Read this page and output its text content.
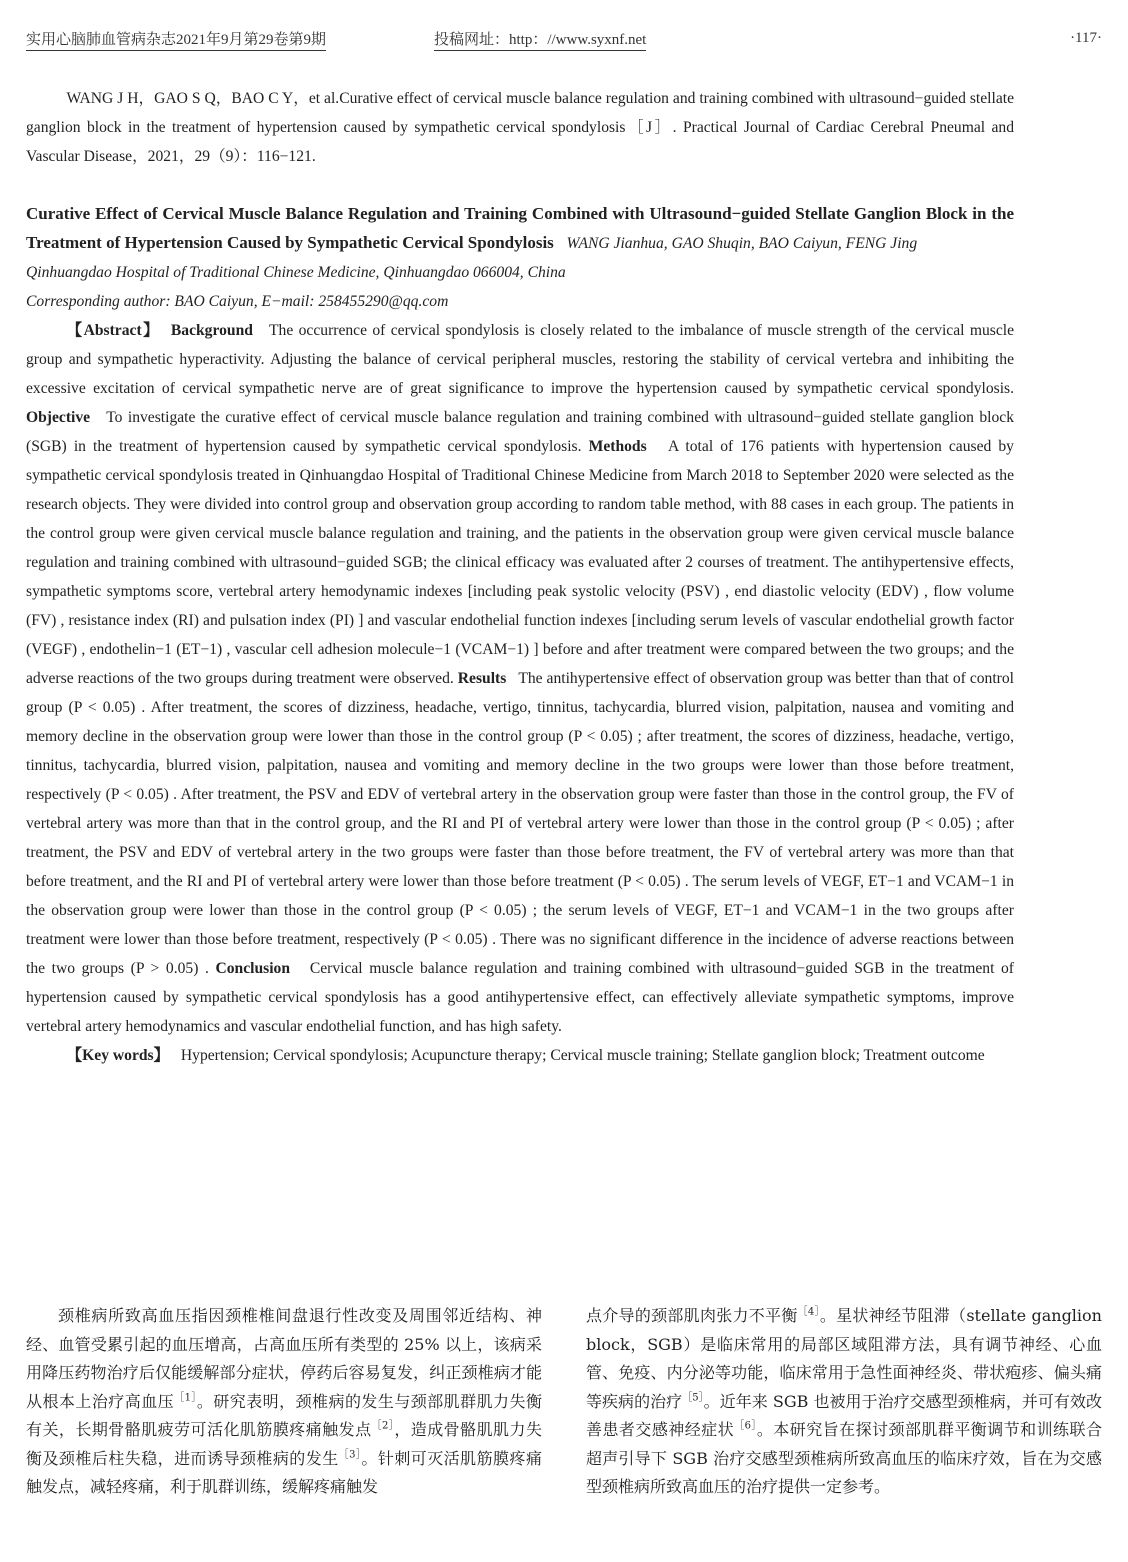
实用心脑肺血管病杂志2021年9月第29卷第9期	投稿网址：http：//www.syxnf.net	·117·

WANG J H，GAO S Q，BAO C Y，et al.Curative effect of cervical muscle balance regulation and training combined with ultrasound−guided stellate ganglion block in the treatment of hypertension caused by sympathetic cervical spondylosis［J］. Practical Journal of Cardiac Cerebral Pneumal and Vascular Disease，2021，29（9）：116−121.

Curative Effect of Cervical Muscle Balance Regulation and Training Combined with Ultrasound−guided Stellate Ganglion Block in the Treatment of Hypertension Caused by Sympathetic Cervical Spondylosis WANG Jianhua, GAO Shuqin, BAO Caiyun, FENG Jing

Qinhuangdao Hospital of Traditional Chinese Medicine, Qinhuangdao 066004, China

Corresponding author: BAO Caiyun, E−mail: 258455290@qq.com

【Abstract】 Background The occurrence of cervical spondylosis is closely related to the imbalance of muscle strength of the cervical muscle group and sympathetic hyperactivity. Adjusting the balance of cervical peripheral muscles, restoring the stability of cervical vertebra and inhibiting the excessive excitation of cervical sympathetic nerve are of great significance to improve the hypertension caused by sympathetic cervical spondylosis. Objective To investigate the curative effect of cervical muscle balance regulation and training combined with ultrasound−guided stellate ganglion block (SGB) in the treatment of hypertension caused by sympathetic cervical spondylosis. Methods A total of 176 patients with hypertension caused by sympathetic cervical spondylosis treated in Qinhuangdao Hospital of Traditional Chinese Medicine from March 2018 to September 2020 were selected as the research objects. They were divided into control group and observation group according to random table method, with 88 cases in each group. The patients in the control group were given cervical muscle balance regulation and training, and the patients in the observation group were given cervical muscle balance regulation and training combined with ultrasound−guided SGB; the clinical efficacy was evaluated after 2 courses of treatment. The antihypertensive effects, sympathetic symptoms score, vertebral artery hemodynamic indexes [including peak systolic velocity (PSV) , end diastolic velocity (EDV) , flow volume (FV) , resistance index (RI) and pulsation index (PI) ] and vascular endothelial function indexes [including serum levels of vascular endothelial growth factor (VEGF) , endothelin−1 (ET−1) , vascular cell adhesion molecule−1 (VCAM−1) ] before and after treatment were compared between the two groups; and the adverse reactions of the two groups during treatment were observed. Results The antihypertensive effect of observation group was better than that of control group (P < 0.05) . After treatment, the scores of dizziness, headache, vertigo, tinnitus, tachycardia, blurred vision, palpitation, nausea and vomiting and memory decline in the observation group were lower than those in the control group (P < 0.05) ; after treatment, the scores of dizziness, headache, vertigo, tinnitus, tachycardia, blurred vision, palpitation, nausea and vomiting and memory decline in the two groups were lower than those before treatment, respectively (P < 0.05) . After treatment, the PSV and EDV of vertebral artery in the observation group were faster than those in the control group, the FV of vertebral artery was more than that in the control group, and the RI and PI of vertebral artery were lower than those in the control group (P < 0.05) ; after treatment, the PSV and EDV of vertebral artery in the two groups were faster than those before treatment, the FV of vertebral artery was more than that before treatment, and the RI and PI of vertebral artery were lower than those before treatment (P < 0.05) . The serum levels of VEGF, ET−1 and VCAM−1 in the observation group were lower than those in the control group (P < 0.05) ; the serum levels of VEGF, ET−1 and VCAM−1 in the two groups after treatment were lower than those before treatment, respectively (P < 0.05) . There was no significant difference in the incidence of adverse reactions between the two groups (P > 0.05) . Conclusion Cervical muscle balance regulation and training combined with ultrasound−guided SGB in the treatment of hypertension caused by sympathetic cervical spondylosis has a good antihypertensive effect, can effectively alleviate sympathetic symptoms, improve vertebral artery hemodynamics and vascular endothelial function, and has high safety.

【Key words】 Hypertension; Cervical spondylosis; Acupuncture therapy; Cervical muscle training; Stellate ganglion block; Treatment outcome

颈椎病所致高血压指因颈椎椎间盘退行性改变及周围邻近结构、神经、血管受累引起的血压增高，占高血压所有类型的 25% 以上，该病采用降压药物治疗后仅能缓解部分症状，停药后容易复发，纠正颈椎病才能从根本上治疗高血压$^{[1]}$。研究表明，颈椎病的发生与颈部肌群肌力失衡有关，长期骨骼肌疲劳可活化肌筋膜疼痛触发点$^{[2]}$，造成骨骼肌肌力失衡及颈椎后柱失稳，进而诱导颈椎病的发生$^{[3]}$。针刺可灭活肌筋膜疼痛触发点，减轻疼痛，利于肌群训练，缓解疼痛触发

点介导的颈部肌肉张力不平衡$^{[4]}$。星状神经节阻滞（stellate ganglion block，SGB）是临床常用的局部区域阻滞方法，具有调节神经、心血管、免疫、内分泌等功能，临床常用于急性面神经炎、带状疱疹、偏头痛等疾病的治疗$^{[5]}$。近年来 SGB 也被用于治疗交感型颈椎病，并可有效改善患者交感神经症状$^{[6]}$。本研究旨在探讨颈部肌群平衡调节和训练联合超声引导下 SGB 治疗交感型颈椎病所致高血压的临床疗效，旨在为交感型颈椎病所致高血压的治疗提供一定参考。
